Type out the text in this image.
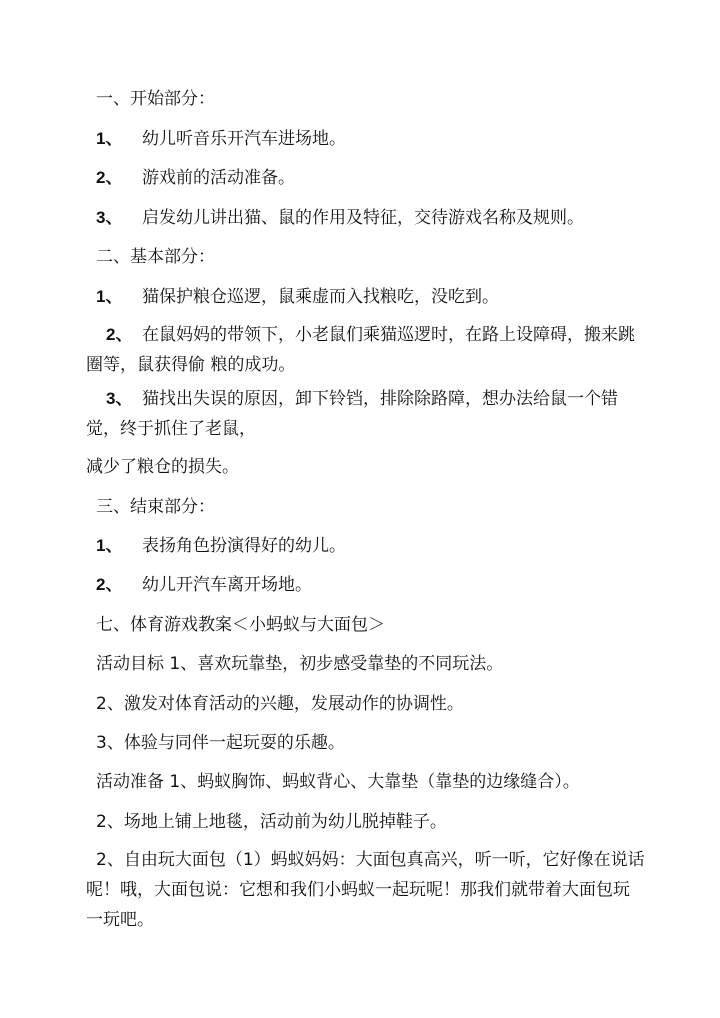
一、开始部分：
1、 幼儿听音乐开汽车进场地。
2、 游戏前的活动准备。
3、 启发幼儿讲出猫、鼠的作用及特征，交待游戏名称及规则。
二、基本部分：
1、 猫保护粮仓巡逻，鼠乘虚而入找粮吃，没吃到。
2、 在鼠妈妈的带领下，小老鼠们乘猫巡逻时，在路上设障碍，搬来跳圈等，鼠获得偷 粮的成功。
3、 猫找出失误的原因，卸下铃铛，排除除路障，想办法给鼠一个错觉，终于抓住了老鼠，
减少了粮仓的损失。
三、结束部分：
1、 表扬角色扮演得好的幼儿。
2、 幼儿开汽车离开场地。
七、体育游戏教案＜小蚂蚁与大面包＞
活动目标 1、喜欢玩靠垫，初步感受靠垫的不同玩法。
2、激发对体育活动的兴趣，发展动作的协调性。
3、体验与同伴一起玩耍的乐趣。
活动准备 1、蚂蚁胸饰、蚂蚁背心、大靠垫（靠垫的边缘缝合）。
2、场地上铺上地毯，活动前为幼儿脱掉鞋子。
2、自由玩大面包（1）蚂蚁妈妈：大面包真高兴，听一听，它好像在说话呢！哦，大面包说：它想和我们小蚂蚁一起玩呢！那我们就带着大面包玩一玩吧。
